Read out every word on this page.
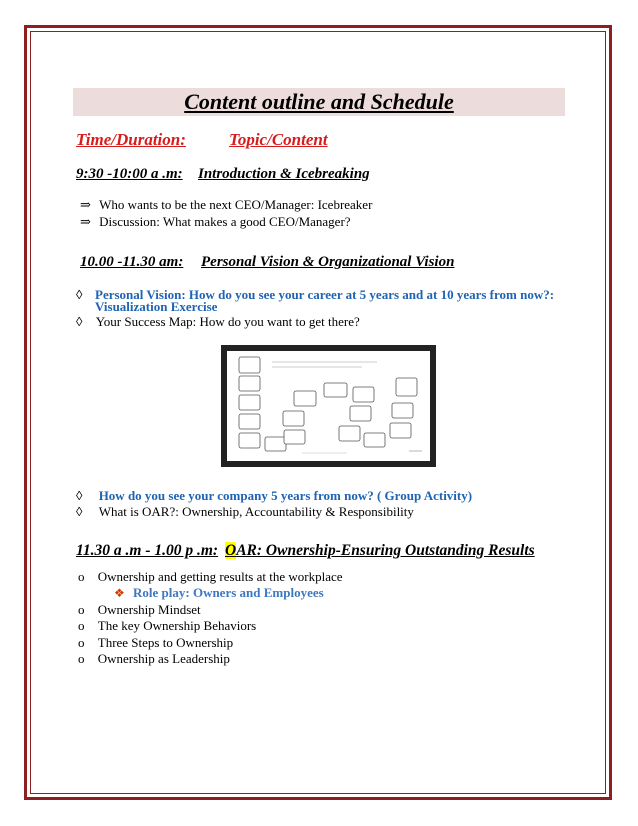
Content outline and Schedule
Time/Duration:	Topic/Content
9:30 -10:00 a .m: Introduction & Icebreaking
⇒ Who wants to be the next CEO/Manager: Icebreaker
⇒ Discussion: What makes a good CEO/Manager?
10.00 -11.30 am: Personal Vision & Organizational Vision
◊ Personal Vision: How do you see your career at 5 years and at 10 years from now?:
Visualization Exercise
◊ Your Success Map: How do you want to get there?
◊ How do you see your company 5 years from now? ( Group Activity)
◊ What is OAR?: Ownership, Accountability & Responsibility
11.30 a .m - 1.00 p .m: OAR: Ownership-Ensuring Outstanding Results
o Ownership and getting results at the workplace
❖ Role play: Owners and Employees
o Ownership Mindset
o The key Ownership Behaviors
o Three Steps to Ownership
o Ownership as Leadership
